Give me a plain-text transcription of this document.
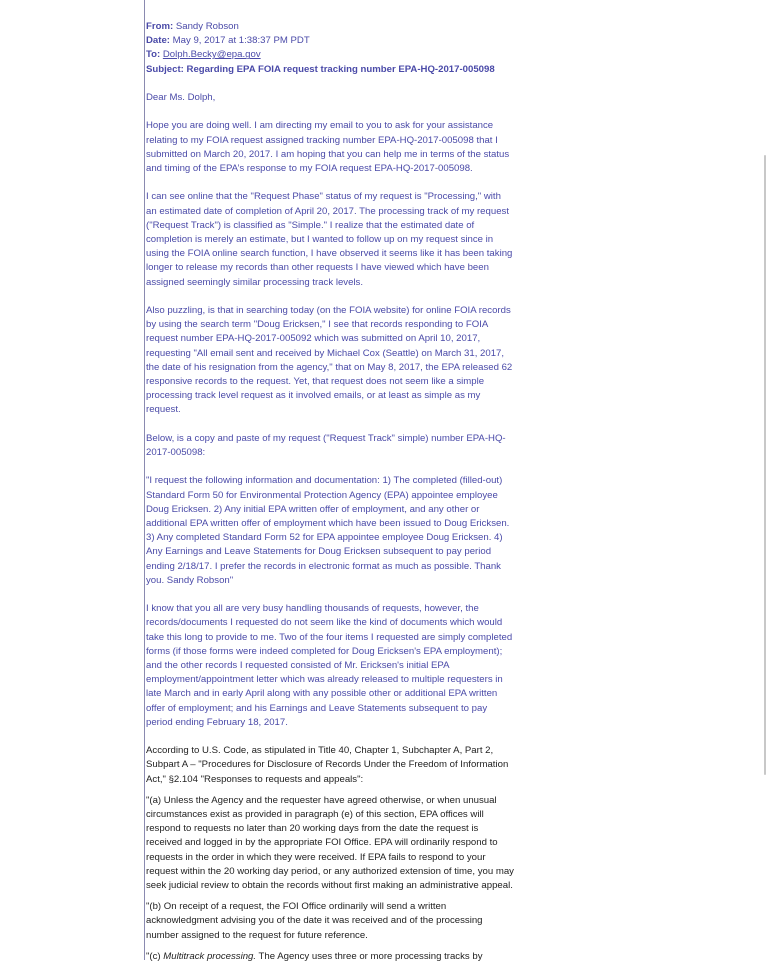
From: Sandy Robson
Date: May 9, 2017 at 1:38:37 PM PDT
To: Dolph.Becky@epa.gov
Subject: Regarding EPA FOIA request tracking number EPA-HQ-2017-005098

Dear Ms. Dolph,

Hope you are doing well. I am directing my email to you to ask for your assistance relating to my FOIA request assigned tracking number EPA-HQ-2017-005098 that I submitted on March 20, 2017. I am hoping that you can help me in terms of the status and timing of the EPA’s response to my FOIA request EPA-HQ-2017-005098.

I can see online that the "Request Phase" status of my request is "Processing," with an estimated date of completion of April 20, 2017. The processing track of my request ("Request Track") is classified as "Simple." I realize that the estimated date of completion is merely an estimate, but I wanted to follow up on my request since in using the FOIA online search function, I have observed it seems like it has been taking longer to release my records than other requests I have viewed which have been assigned seemingly similar processing track levels.

Also puzzling, is that in searching today (on the FOIA website) for online FOIA records by using the search term "Doug Ericksen," I see that records responding to FOIA request number EPA-HQ-2017-005092 which was submitted on April 10, 2017, requesting "All email sent and received by Michael Cox (Seattle) on March 31, 2017, the date of his resignation from the agency," that on May 8, 2017, the EPA released 62 responsive records to the request. Yet, that request does not seem like a simple processing track level request as it involved emails, or at least as simple as my request.

Below, is a copy and paste of my request ("Request Track" simple) number EPA-HQ-2017-005098:

"I request the following information and documentation: 1) The completed (filled-out) Standard Form 50 for Environmental Protection Agency (EPA) appointee employee Doug Ericksen. 2) Any initial EPA written offer of employment, and any other or additional EPA written offer of employment which have been issued to Doug Ericksen. 3) Any completed Standard Form 52 for EPA appointee employee Doug Ericksen. 4) Any Earnings and Leave Statements for Doug Ericksen subsequent to pay period ending 2/18/17. I prefer the records in electronic format as much as possible. Thank you. Sandy Robson"

I know that you all are very busy handling thousands of requests, however, the records/documents I requested do not seem like the kind of documents which would take this long to provide to me. Two of the four items I requested are simply completed forms (if those forms were indeed completed for Doug Ericksen's EPA employment); and the other records I requested consisted of Mr. Ericksen's initial EPA employment/appointment letter which was already released to multiple requesters in late March and in early April along with any possible other or additional EPA written offer of employment; and his Earnings and Leave Statements subsequent to pay period ending February 18, 2017.

According to U.S. Code, as stipulated in Title 40, Chapter 1, Subchapter A, Part 2, Subpart A – "Procedures for Disclosure of Records Under the Freedom of Information Act," §2.104 "Responses to requests and appeals":

"(a) Unless the Agency and the requester have agreed otherwise, or when unusual circumstances exist as provided in paragraph (e) of this section, EPA offices will respond to requests no later than 20 working days from the date the request is received and logged in by the appropriate FOI Office. EPA will ordinarily respond to requests in the order in which they were received. If EPA fails to respond to your request within the 20 working day period, or any authorized extension of time, you may seek judicial review to obtain the records without first making an administrative appeal.

"(b) On receipt of a request, the FOI Office ordinarily will send a written acknowledgment advising you of the date it was received and of the processing number assigned to the request for future reference.

"(c) Multitrack processing. The Agency uses three or more processing tracks by
